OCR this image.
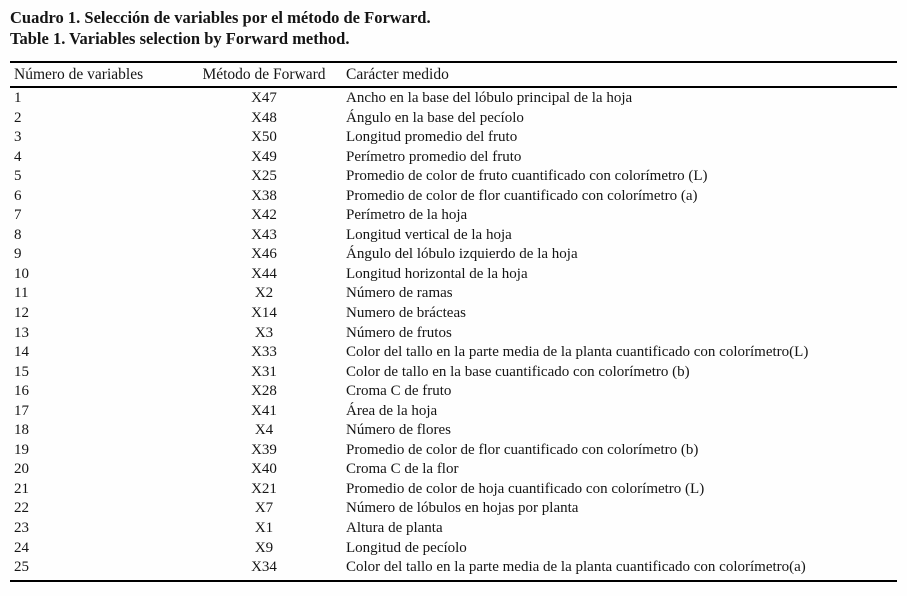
Cuadro 1. Selección de variables por el método de Forward.
Table 1. Variables selection by Forward method.
Número de variables	Método de Forward	Carácter medido
1	X47	Ancho en la base del lóbulo principal de la hoja
2	X48	Ángulo en la base del pecíolo
3	X50	Longitud promedio del fruto
4	X49	Perímetro promedio del fruto
5	X25	Promedio de color de fruto cuantificado con colorímetro (L)
6	X38	Promedio de color de flor cuantificado con colorímetro (a)
7	X42	Perímetro de la hoja
8	X43	Longitud vertical de la hoja
9	X46	Ángulo del lóbulo izquierdo de la hoja
10	X44	Longitud horizontal de la hoja
11	X2	Número de ramas
12	X14	Numero de brácteas
13	X3	Número de frutos
14	X33	Color del tallo en la parte media de la planta cuantificado con colorímetro(L)
15	X31	Color de tallo en la base cuantificado con colorímetro (b)
16	X28	Croma C de fruto
17	X41	Área de la hoja
18	X4	Número de flores
19	X39	Promedio de color de flor cuantificado con colorímetro (b)
20	X40	Croma C de la flor
21	X21	Promedio de color de hoja cuantificado con colorímetro (L)
22	X7	Número de lóbulos en hojas por planta
23	X1	Altura de planta
24	X9	Longitud de pecíolo
25	X34	Color del tallo en la parte media de la planta cuantificado con colorímetro(a)
